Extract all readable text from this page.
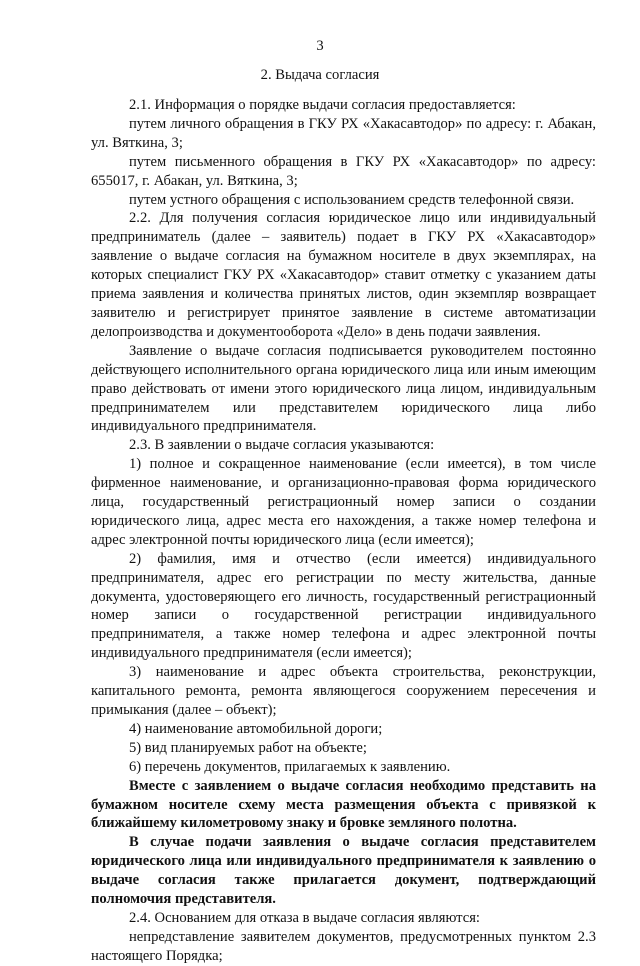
3
2. Выдача согласия

2.1. Информация о порядке выдачи согласия предоставляется:

путем личного обращения в ГКУ РХ «Хакасавтодор» по адресу: г. Абакан, ул. Вяткина, 3;

путем письменного обращения в ГКУ РХ «Хакасавтодор» по адресу: 655017, г. Абакан, ул. Вяткина, 3;

путем устного обращения с использованием средств телефонной связи.

2.2. Для получения согласия юридическое лицо или индивидуальный предприниматель (далее – заявитель) подает в ГКУ РХ «Хакасавтодор» заявление о выдаче согласия на бумажном носителе в двух экземплярах, на которых специалист ГКУ РХ «Хакасавтодор» ставит отметку с указанием даты приема заявления и количества принятых листов, один экземпляр возвращает заявителю и регистрирует принятое заявление в системе автоматизации делопроизводства и документооборота «Дело» в день подачи заявления.

Заявление о выдаче согласия подписывается руководителем постоянно действующего исполнительного органа юридического лица или иным имеющим право действовать от имени этого юридического лица лицом, индивидуальным предпринимателем или представителем юридического лица либо индивидуального предпринимателя.

2.3. В заявлении о выдаче согласия указываются:

1) полное и сокращенное наименование (если имеется), в том числе фирменное наименование, и организационно-правовая форма юридического лица, государственный регистрационный номер записи о создании юридического лица, адрес места его нахождения, а также номер телефона и адрес электронной почты юридического лица (если имеется);

2) фамилия, имя и отчество (если имеется) индивидуального предпринимателя, адрес его регистрации по месту жительства, данные документа, удостоверяющего его личность, государственный регистрационный номер записи о государственной регистрации индивидуального предпринимателя, а также номер телефона и адрес электронной почты индивидуального предпринимателя (если имеется);

3) наименование и адрес объекта строительства, реконструкции, капитального ремонта, ремонта являющегося сооружением пересечения и примыкания (далее – объект);

4) наименование автомобильной дороги;

5) вид планируемых работ на объекте;

6) перечень документов, прилагаемых к заявлению.

Вместе с заявлением о выдаче согласия необходимо представить на бумажном носителе схему места размещения объекта с привязкой к ближайшему километровому знаку и бровке земляного полотна.

В случае подачи заявления о выдаче согласия представителем юридического лица или индивидуального предпринимателя к заявлению о выдаче согласия также прилагается документ, подтверждающий полномочия представителя.

2.4. Основанием для отказа в выдаче согласия являются:

непредставление заявителем документов, предусмотренных пунктом 2.3 настоящего Порядка;
